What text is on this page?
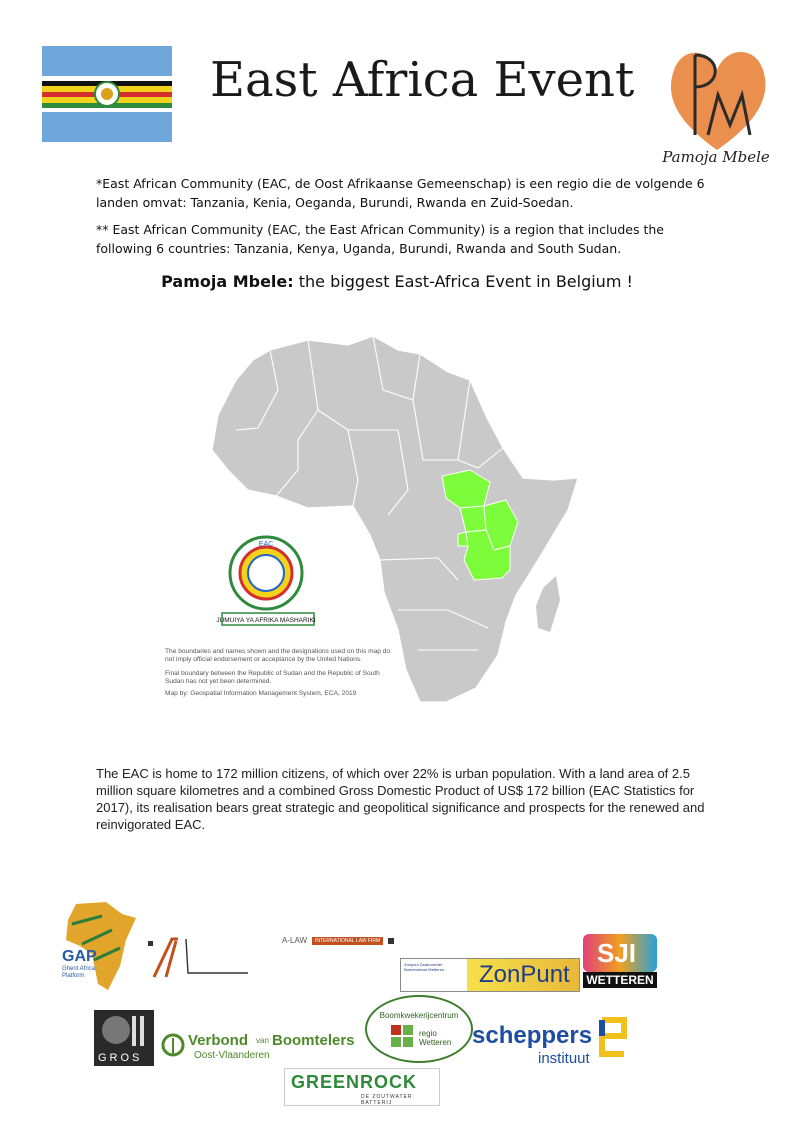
East Africa Event
Pamoja Mbele
*East African Community (EAC, de Oost Afrikaanse Gemeenschap) is een regio die de volgende 6 landen omvat: Tanzania, Kenia, Oeganda, Burundi, Rwanda en Zuid-Soedan.
** East African Community (EAC, the East African Community) is a region that includes the following 6 countries: Tanzania, Kenya, Uganda, Burundi, Rwanda and South Sudan.
Pamoja Mbele: the biggest East-Africa Event in Belgium !
EAC
JUMUIYA YA AFRIKA MASHARIKI
The boundaries and names shown and the designations used on this map do not imply official endorsement or acceptance by the United Nations.
Final boundary between the Republic of Sudan and the Republic of South Sudan has not yet been determined.
Map by: Geospatial Information Management System, ECA, 2019
The EAC is home to 172 million citizens, of which over 22% is urban population. With a land area of 2.5 million square kilometres and a combined Gross Domestic Product of US$ 172 billion (EAC Statistics for 2017), its realisation bears great strategic and geopolitical significance and prospects for the renewed and reinvigorated EAC.
GAP
Ghent Africa Platform
A-LAW	INTERNATIONAL LAW FIRM
Zonpunt Zaakvoerder Boerenstraat Wetteren	ZonPunt
SJI
WETTEREN
GROS
Verbond van Boomtelers
Oost-Vlaanderen
Boomkwekerijcentrum
regio Wetteren scheppers
instituut
GREENROCK
DE ZOUTWATER BATTERIJ
